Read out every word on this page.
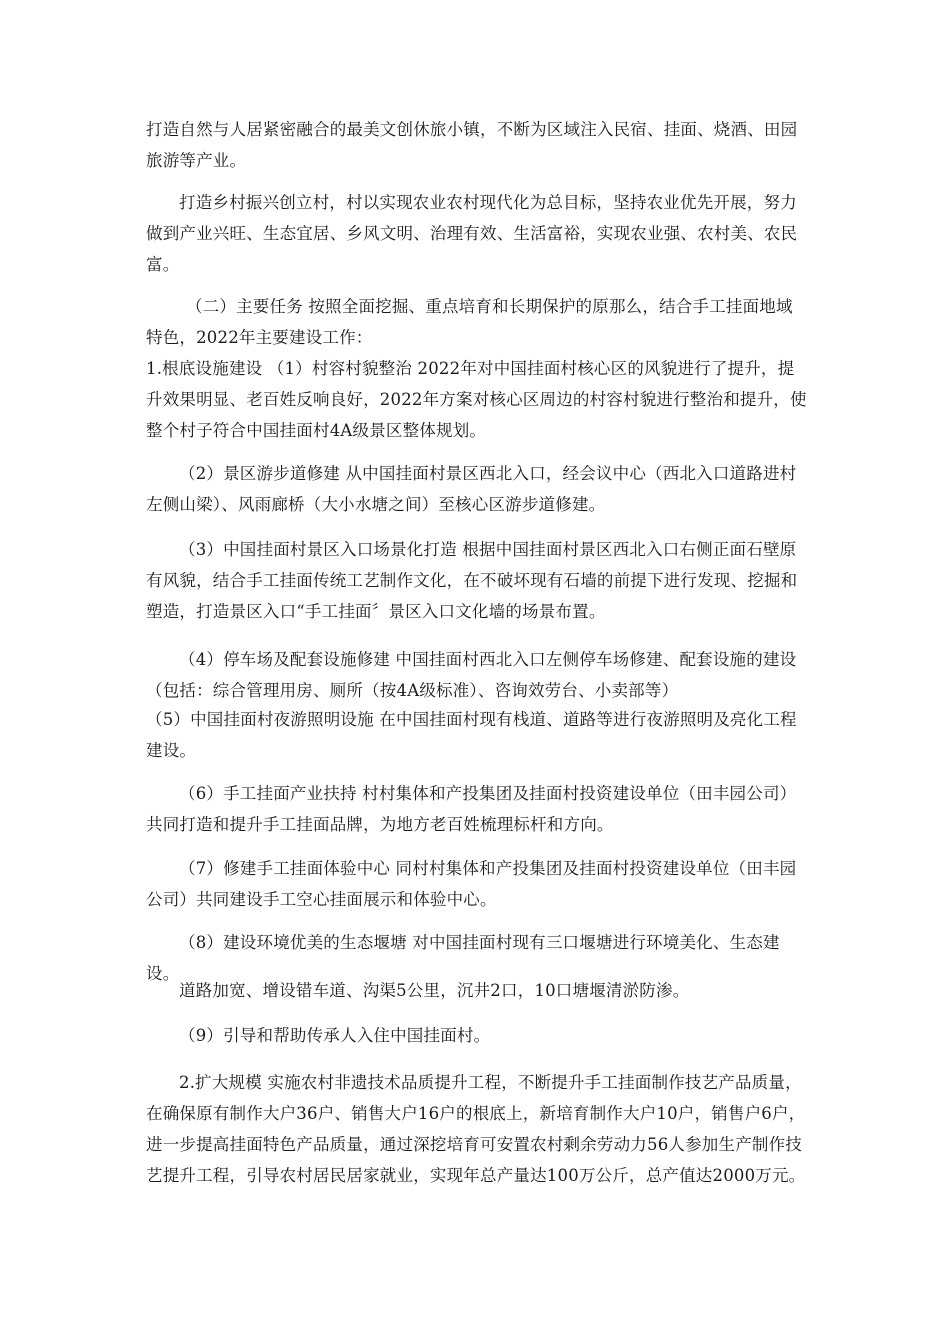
打造自然与人居紧密融合的最美文创休旅小镇，不断为区域注入民宿、挂面、烧酒、田园旅游等产业。

打造乡村振兴创立村，村以实现农业农村现代化为总目标，坚持农业优先开展，努力做到产业兴旺、生态宜居、乡风文明、治理有效、生活富裕，实现农业强、农村美、农民富。

（二）主要任务 按照全面挖掘、重点培育和长期保护的原那么，结合手工挂面地域特色，2022年主要建设工作：

1.根底设施建设 （1）村容村貌整治 2022年对中国挂面村核心区的风貌进行了提升，提升效果明显、老百姓反响良好，2022年方案对核心区周边的村容村貌进行整治和提升，使整个村子符合中国挂面村4A级景区整体规划。

（2）景区游步道修建 从中国挂面村景区西北入口，经会议中心（西北入口道路进村左侧山梁）、风雨廊桥（大小水塘之间）至核心区游步道修建。

（3）中国挂面村景区入口场景化打造 根据中国挂面村景区西北入口右侧正面石壁原有风貌，结合手工挂面传统工艺制作文化，在不破坏现有石墙的前提下进行发现、挖掘和塑造，打造景区入口“手工挂面〞景区入口文化墙的场景布置。

（4）停车场及配套设施修建 中国挂面村西北入口左侧停车场修建、配套设施的建设（包括：综合管理用房、厕所（按4A级标准）、咨询效劳台、小卖部等）

（5）中国挂面村夜游照明设施 在中国挂面村现有栈道、道路等进行夜游照明及亮化工程建设。

（6）手工挂面产业扶持 村村集体和产投集团及挂面村投资建设单位（田丰园公司）共同打造和提升手工挂面品牌，为地方老百姓梳理标杆和方向。

（7）修建手工挂面体验中心 同村村集体和产投集团及挂面村投资建设单位（田丰园公司）共同建设手工空心挂面展示和体验中心。

（8）建设环境优美的生态堰塘 对中国挂面村现有三口堰塘进行环境美化、生态建设。

道路加宽、增设错车道、沟渠5公里，沉井2口，10口塘堰清淤防渗。

（9）引导和帮助传承人入住中国挂面村。

2.扩大规模 实施农村非遗技术品质提升工程，不断提升手工挂面制作技艺产品质量，在确保原有制作大户36户、销售大户16户的根底上，新培育制作大户10户，销售户6户，进一步提高挂面特色产品质量，通过深挖培育可安置农村剩余劳动力56人参加生产制作技艺提升工程，引导农村居民居家就业，实现年总产量达100万公斤，总产值达2000万元。
